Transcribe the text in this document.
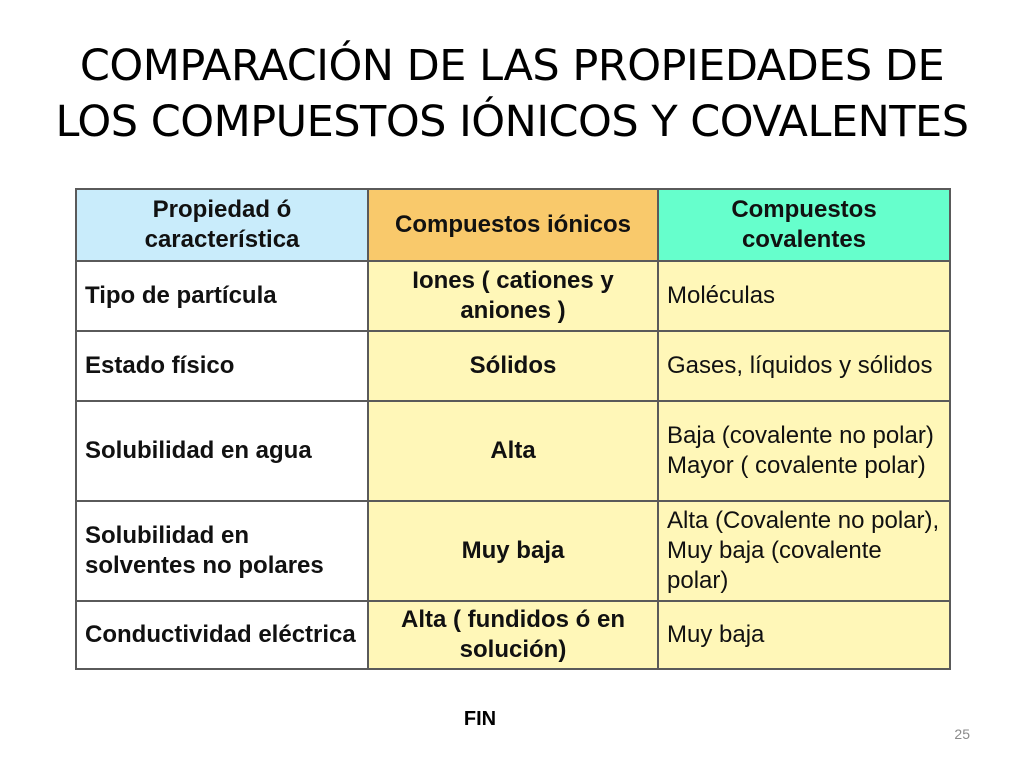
COMPARACIÓN DE LAS PROPIEDADES DE
LOS COMPUESTOS IÓNICOS Y COVALENTES
Propiedad ó característica	Compuestos iónicos	Compuestos covalentes
Tipo de partícula	Iones ( cationes y aniones )	Moléculas
Estado físico	Sólidos	Gases, líquidos y sólidos
Solubilidad en agua	Alta	Baja (covalente no polar) Mayor ( covalente polar)
Solubilidad en solventes no polares	Muy baja	Alta (Covalente no polar), Muy baja (covalente polar)
Conductividad eléctrica	Alta ( fundidos ó en solución)	Muy baja
FIN
25
